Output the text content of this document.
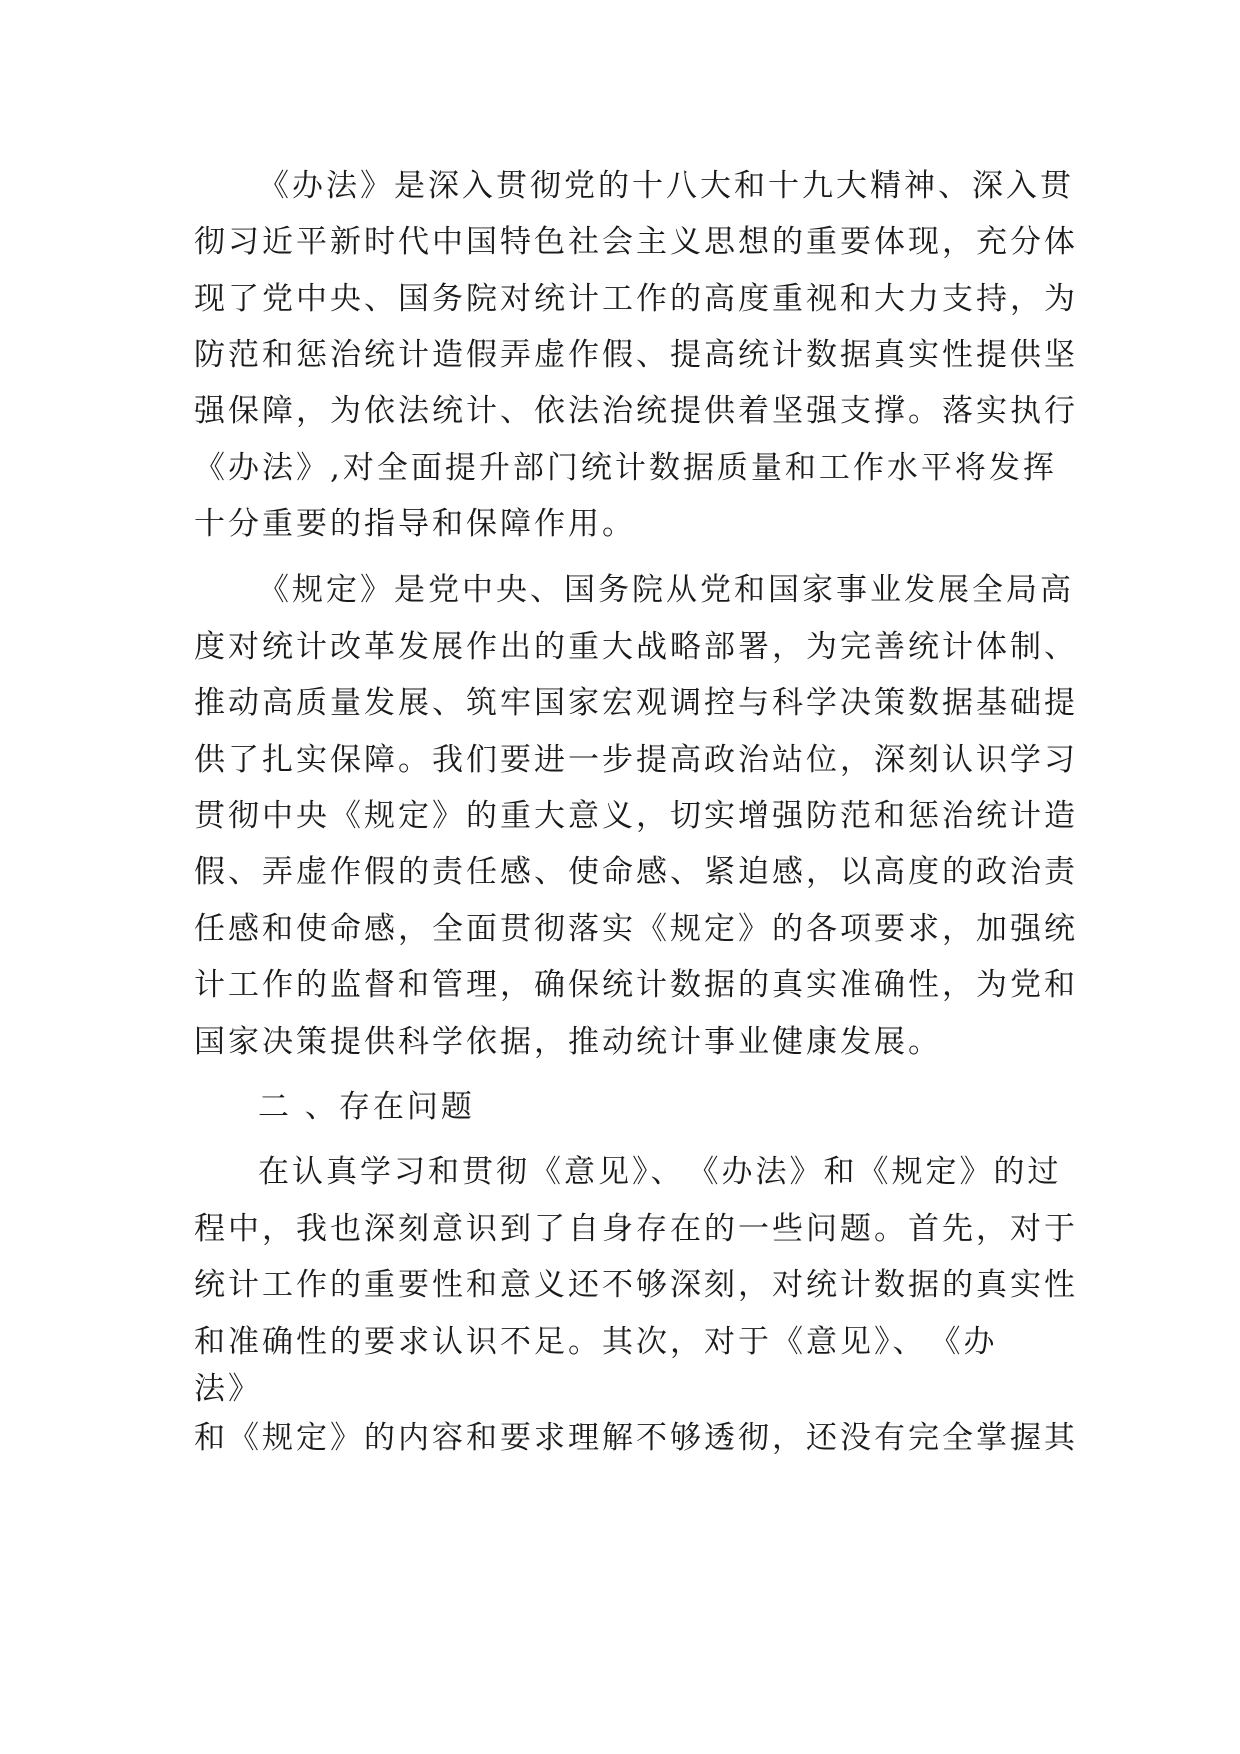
《办法》是深入贯彻党的十八大和十九大精神、深入贯

彻习近平新时代中国特色社会主义思想的重要体现，充分体

现了党中央、国务院对统计工作的高度重视和大力支持，为

防范和惩治统计造假弄虚作假、提高统计数据真实性提供坚

强保障，为依法统计、依法治统提供着坚强支撑。落实执行

《办法》,对全面提升部门统计数据质量和工作水平将发挥

十分重要的指导和保障作用。

《规定》是党中央、国务院从党和国家事业发展全局高

度对统计改革发展作出的重大战略部署，为完善统计体制、

推动高质量发展、筑牢国家宏观调控与科学决策数据基础提

供了扎实保障。我们要进一步提高政治站位，深刻认识学习

贯彻中央《规定》的重大意义，切实增强防范和惩治统计造

假、弄虚作假的责任感、使命感、紧迫感，以高度的政治责

任感和使命感，全面贯彻落实《规定》的各项要求，加强统

计工作的监督和管理，确保统计数据的真实准确性，为党和

国家决策提供科学依据，推动统计事业健康发展。

二 、存在问题

在认真学习和贯彻《意见》、　《办法》和《规定》的过

程中，我也深刻意识到了自身存在的一些问题。首先，对于

统计工作的重要性和意义还不够深刻，对统计数据的真实性

和准确性的要求认识不足。其次，对于《意见》、　《办

法》

和《规定》的内容和要求理解不够透彻，还没有完全掌握其
